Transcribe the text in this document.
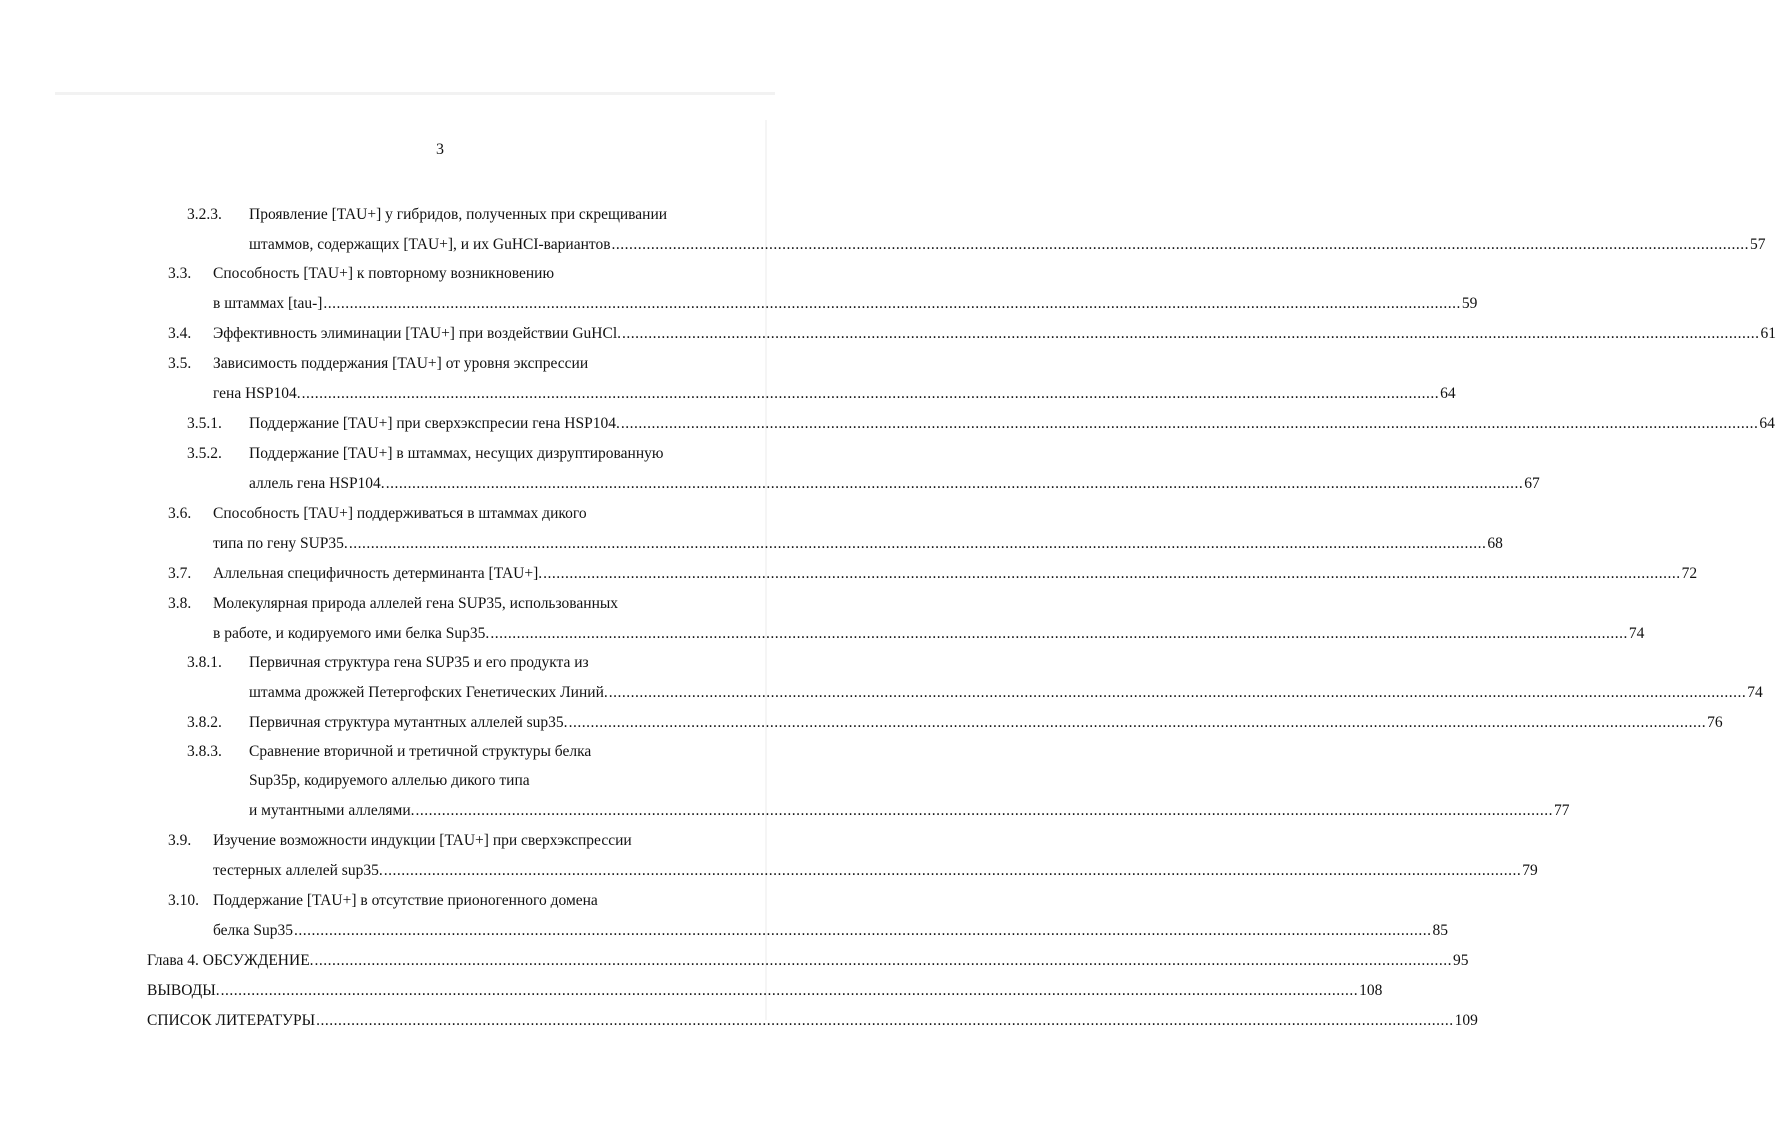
3
3.2.3.	Проявление [TAU+] у гибридов, полученных при скрещивании
штаммов, содержащих [TAU+], и их GuHCI-вариантов .....	57
3.3.	Способность [TAU+] к повторному возникновению
в штаммах [tau-] .....	59
3.4.	Эффективность элиминации [TAU+] при воздействии GuHCl. .....	61
3.5.	Зависимость поддержания [TAU+] от уровня экспрессии
гена HSP104. .....	64
3.5.1.	Поддержание [TAU+] при сверхэкспресии гена HSP104. .....	64
3.5.2.	Поддержание [TAU+] в штаммах, несущих дизруптированную
аллель гена HSP104. .....	67
3.6.	Способность [TAU+] поддерживаться в штаммах дикого
типа по гену SUP35. .....	68
3.7.	Аллельная специфичность детерминанта [TAU+]. .....	72
3.8.	Молекулярная природа аллелей гена SUP35, использованных
в работе, и кодируемого ими белка Sup35. .....	74
3.8.1.	Первичная структура гена SUP35 и его продукта из
штамма дрожжей Петергофских Генетических Линий. .....	74
3.8.2.	Первичная структура мутантных аллелей sup35. .....	76
3.8.3.	Сравнение вторичной и третичной структуры белка
Sup35p, кодируемого аллелью дикого типа
и мутантными аллелями. .....	77
3.9.	Изучение возможности индукции [TAU+] при сверхэкспрессии
тестерных аллелей sup35. .....	79
3.10. Поддержание [TAU+] в отсутствие прионогенного домена
белка Sup35 .....	85
Глава 4. ОБСУЖДЕНИЕ. .....	95
ВЫВОДЫ. .....	108
СПИСОК ЛИТЕРАТУРЫ .....	109
